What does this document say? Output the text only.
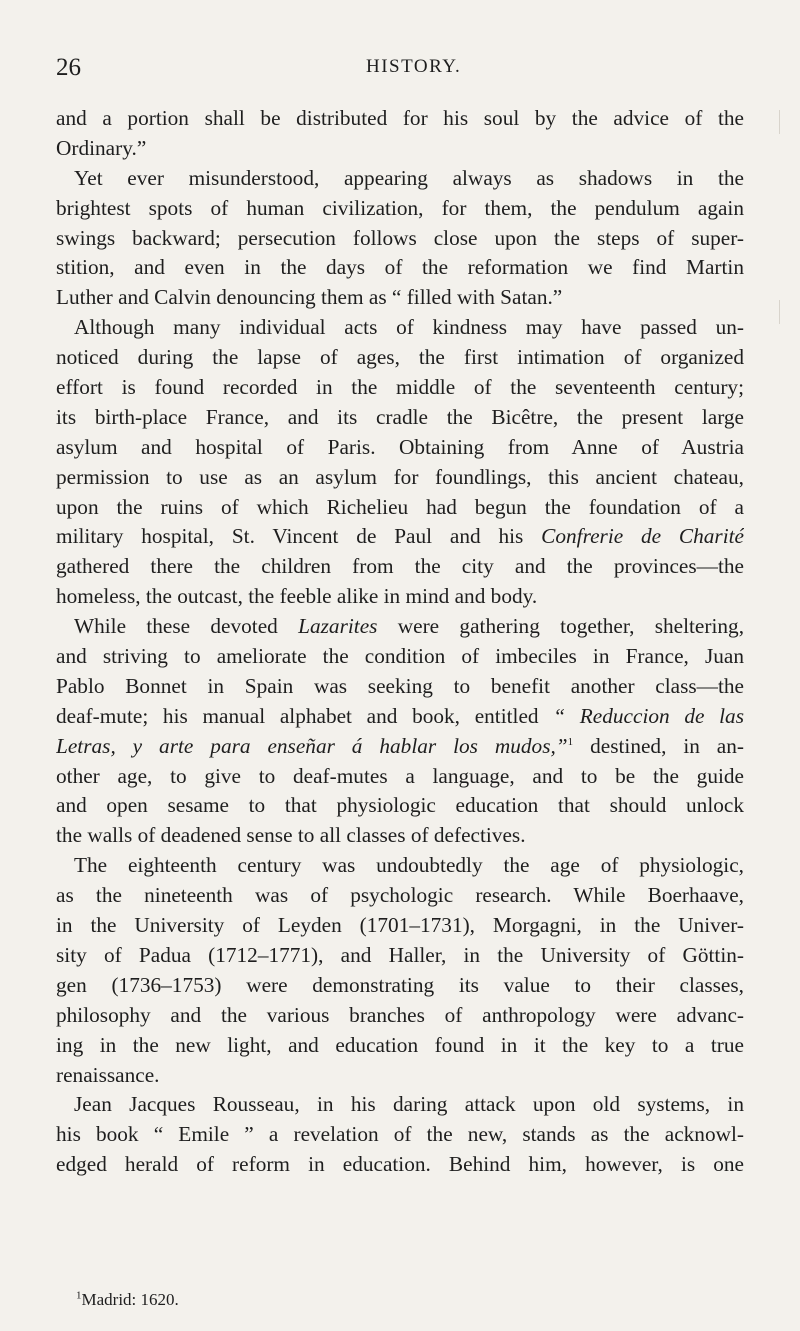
26	HISTORY.
and a portion shall be distributed for his soul by the advice of the
Ordinary.”
Yet ever misunderstood, appearing always as shadows in the
brightest spots of human civilization, for them, the pendulum again
swings backward; persecution follows close upon the steps of super-
stition, and even in the days of the reformation we find Martin
Luther and Calvin denouncing them as “ filled with Satan.”
Although many individual acts of kindness may have passed un-
noticed during the lapse of ages, the first intimation of organized
effort is found recorded in the middle of the seventeenth century;
its birth-place France, and its cradle the Bicêtre, the present large
asylum and hospital of Paris. Obtaining from Anne of Austria
permission to use as an asylum for foundlings, this ancient chateau,
upon the ruins of which Richelieu had begun the foundation of a
military hospital, St. Vincent de Paul and his Confrerie de Charité
gathered there the children from the city and the provinces—the
homeless, the outcast, the feeble alike in mind and body.
While these devoted Lazarites were gathering together, sheltering,
and striving to ameliorate the condition of imbeciles in France, Juan
Pablo Bonnet in Spain was seeking to benefit another class—the
deaf-mute; his manual alphabet and book, entitled “ Reduccion de las
Letras, y arte para enseñar á hablar los mudos,”$^1$ destined, in an-
other age, to give to deaf-mutes a language, and to be the guide
and open sesame to that physiologic education that should unlock
the walls of deadened sense to all classes of defectives.
The eighteenth century was undoubtedly the age of physiologic,
as the nineteenth was of psychologic research. While Boerhaave,
in the University of Leyden (1701–1731), Morgagni, in the Univer-
sity of Padua (1712–1771), and Haller, in the University of Göttin-
gen (1736–1753) were demonstrating its value to their classes,
philosophy and the various branches of anthropology were advanc-
ing in the new light, and education found in it the key to a true
renaissance.
Jean Jacques Rousseau, in his daring attack upon old systems, in
his book “ Emile ” a revelation of the new, stands as the acknowl-
edged herald of reform in education. Behind him, however, is one
$^1$Madrid: 1620.
